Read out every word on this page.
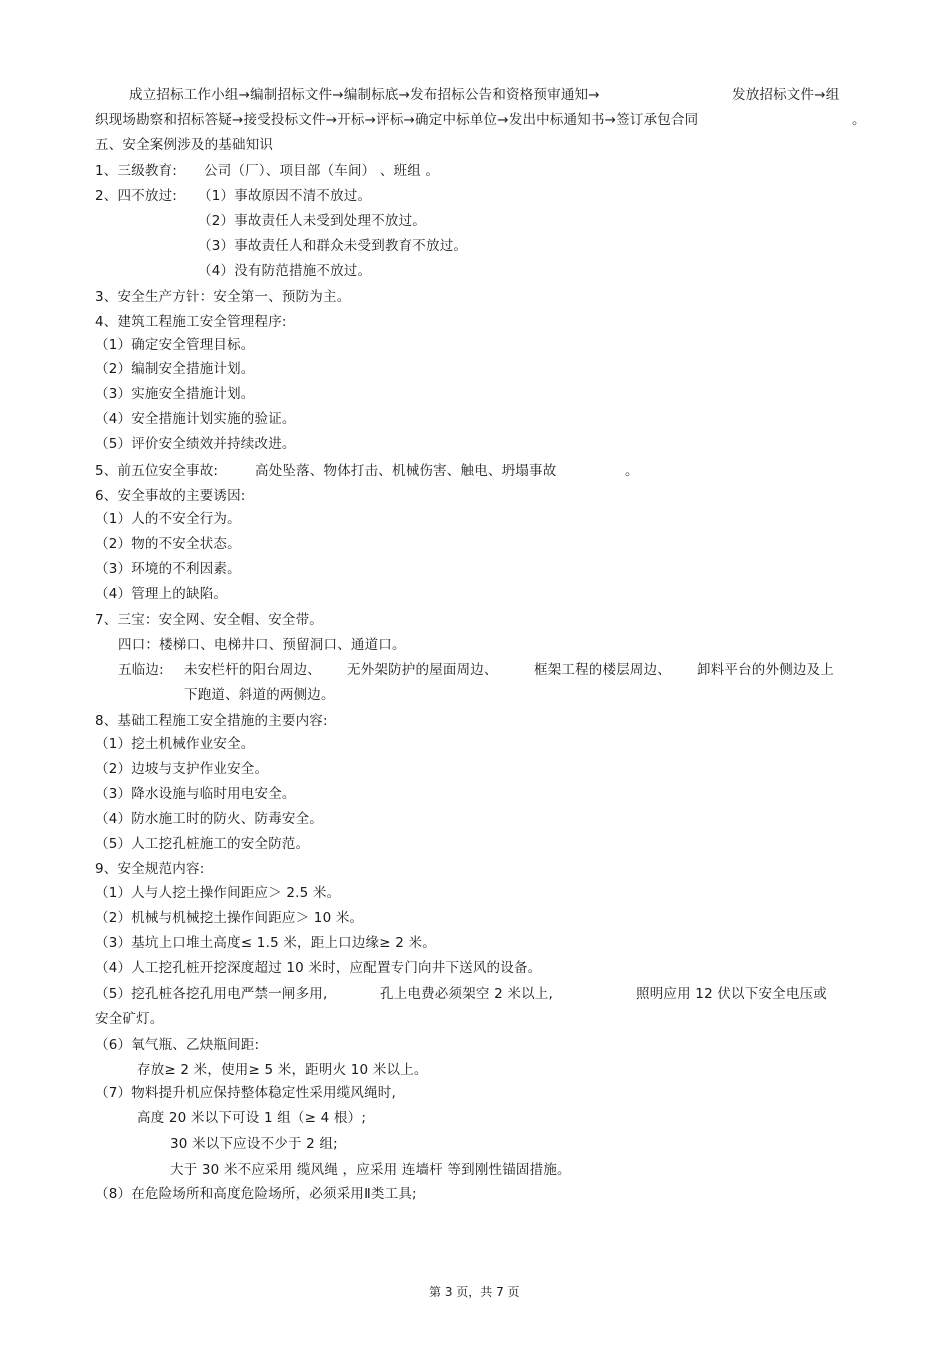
成立招标工作小组→编制招标文件→编制标底→发布招标公告和资格预审通知→	发放招标文件→组
织现场勘察和招标答疑→接受投标文件→开标→评标→确定中标单位→发出中标通知书→签订承包合同	。
五、安全案例涉及的基础知识
1、三级教育: 公司（厂）、项目部（车间） 、班组 。
2、四不放过: （1）事故原因不清不放过。
（2）事故责任人未受到处理不放过。
（3）事故责任人和群众未受到教育不放过。
（4）没有防范措施不放过。
3、安全生产方针：安全第一、预防为主。
4、建筑工程施工安全管理程序:
（1）确定安全管理目标。
（2）编制安全措施计划。
（3）实施安全措施计划。
（4）安全措施计划实施的验证。
（5）评价安全绩效并持续改进。
5、前五位安全事故:	高处坠落、物体打击、机械伤害、触电、坍塌事故	。
6、安全事故的主要诱因:
（1）人的不安全行为。
（2）物的不安全状态。
（3）环境的不利因素。
（4）管理上的缺陷。
7、三宝：安全网、安全帽、安全带。
四口：楼梯口、电梯井口、预留洞口、通道口。
五临边: 未安栏杆的阳台周边、 无外架防护的屋面周边、	框架工程的楼层周边、 卸料平台的外侧边及上
下跑道、斜道的两侧边。
8、基础工程施工安全措施的主要内容:
（1）挖土机械作业安全。
（2）边坡与支护作业安全。
（3）降水设施与临时用电安全。
（4）防水施工时的防火、防毒安全。
（5）人工挖孔桩施工的安全防范。
9、安全规范内容:
（1）人与人挖土操作间距应＞ 2.5 米。
（2）机械与机械挖土操作间距应＞ 10 米。
（3）基坑上口堆土高度≤ 1.5 米，距上口边缘≥ 2 米。
（4）人工挖孔桩开挖深度超过 10 米时，应配置专门向井下送风的设备。
（5）挖孔桩各挖孔用电严禁一闸多用,	孔上电费必须架空 2 米以上,	照明应用 12 伏以下安全电压或
安全矿灯。
（6）氧气瓶、乙炔瓶间距:
存放≥ 2 米，使用≥ 5 米，距明火 10 米以上。
（7）物料提升机应保持整体稳定性采用缆风绳时,
高度 20 米以下可设 1 组（≥ 4 根）;
30 米以下应设不少于 2 组;
大于 30 米不应采用 缆风绳 ，应采用 连墙杆 等到刚性锚固措施。
（8）在危险场所和高度危险场所，必须采用Ⅱ类工具;
第 3 页，共 7 页
